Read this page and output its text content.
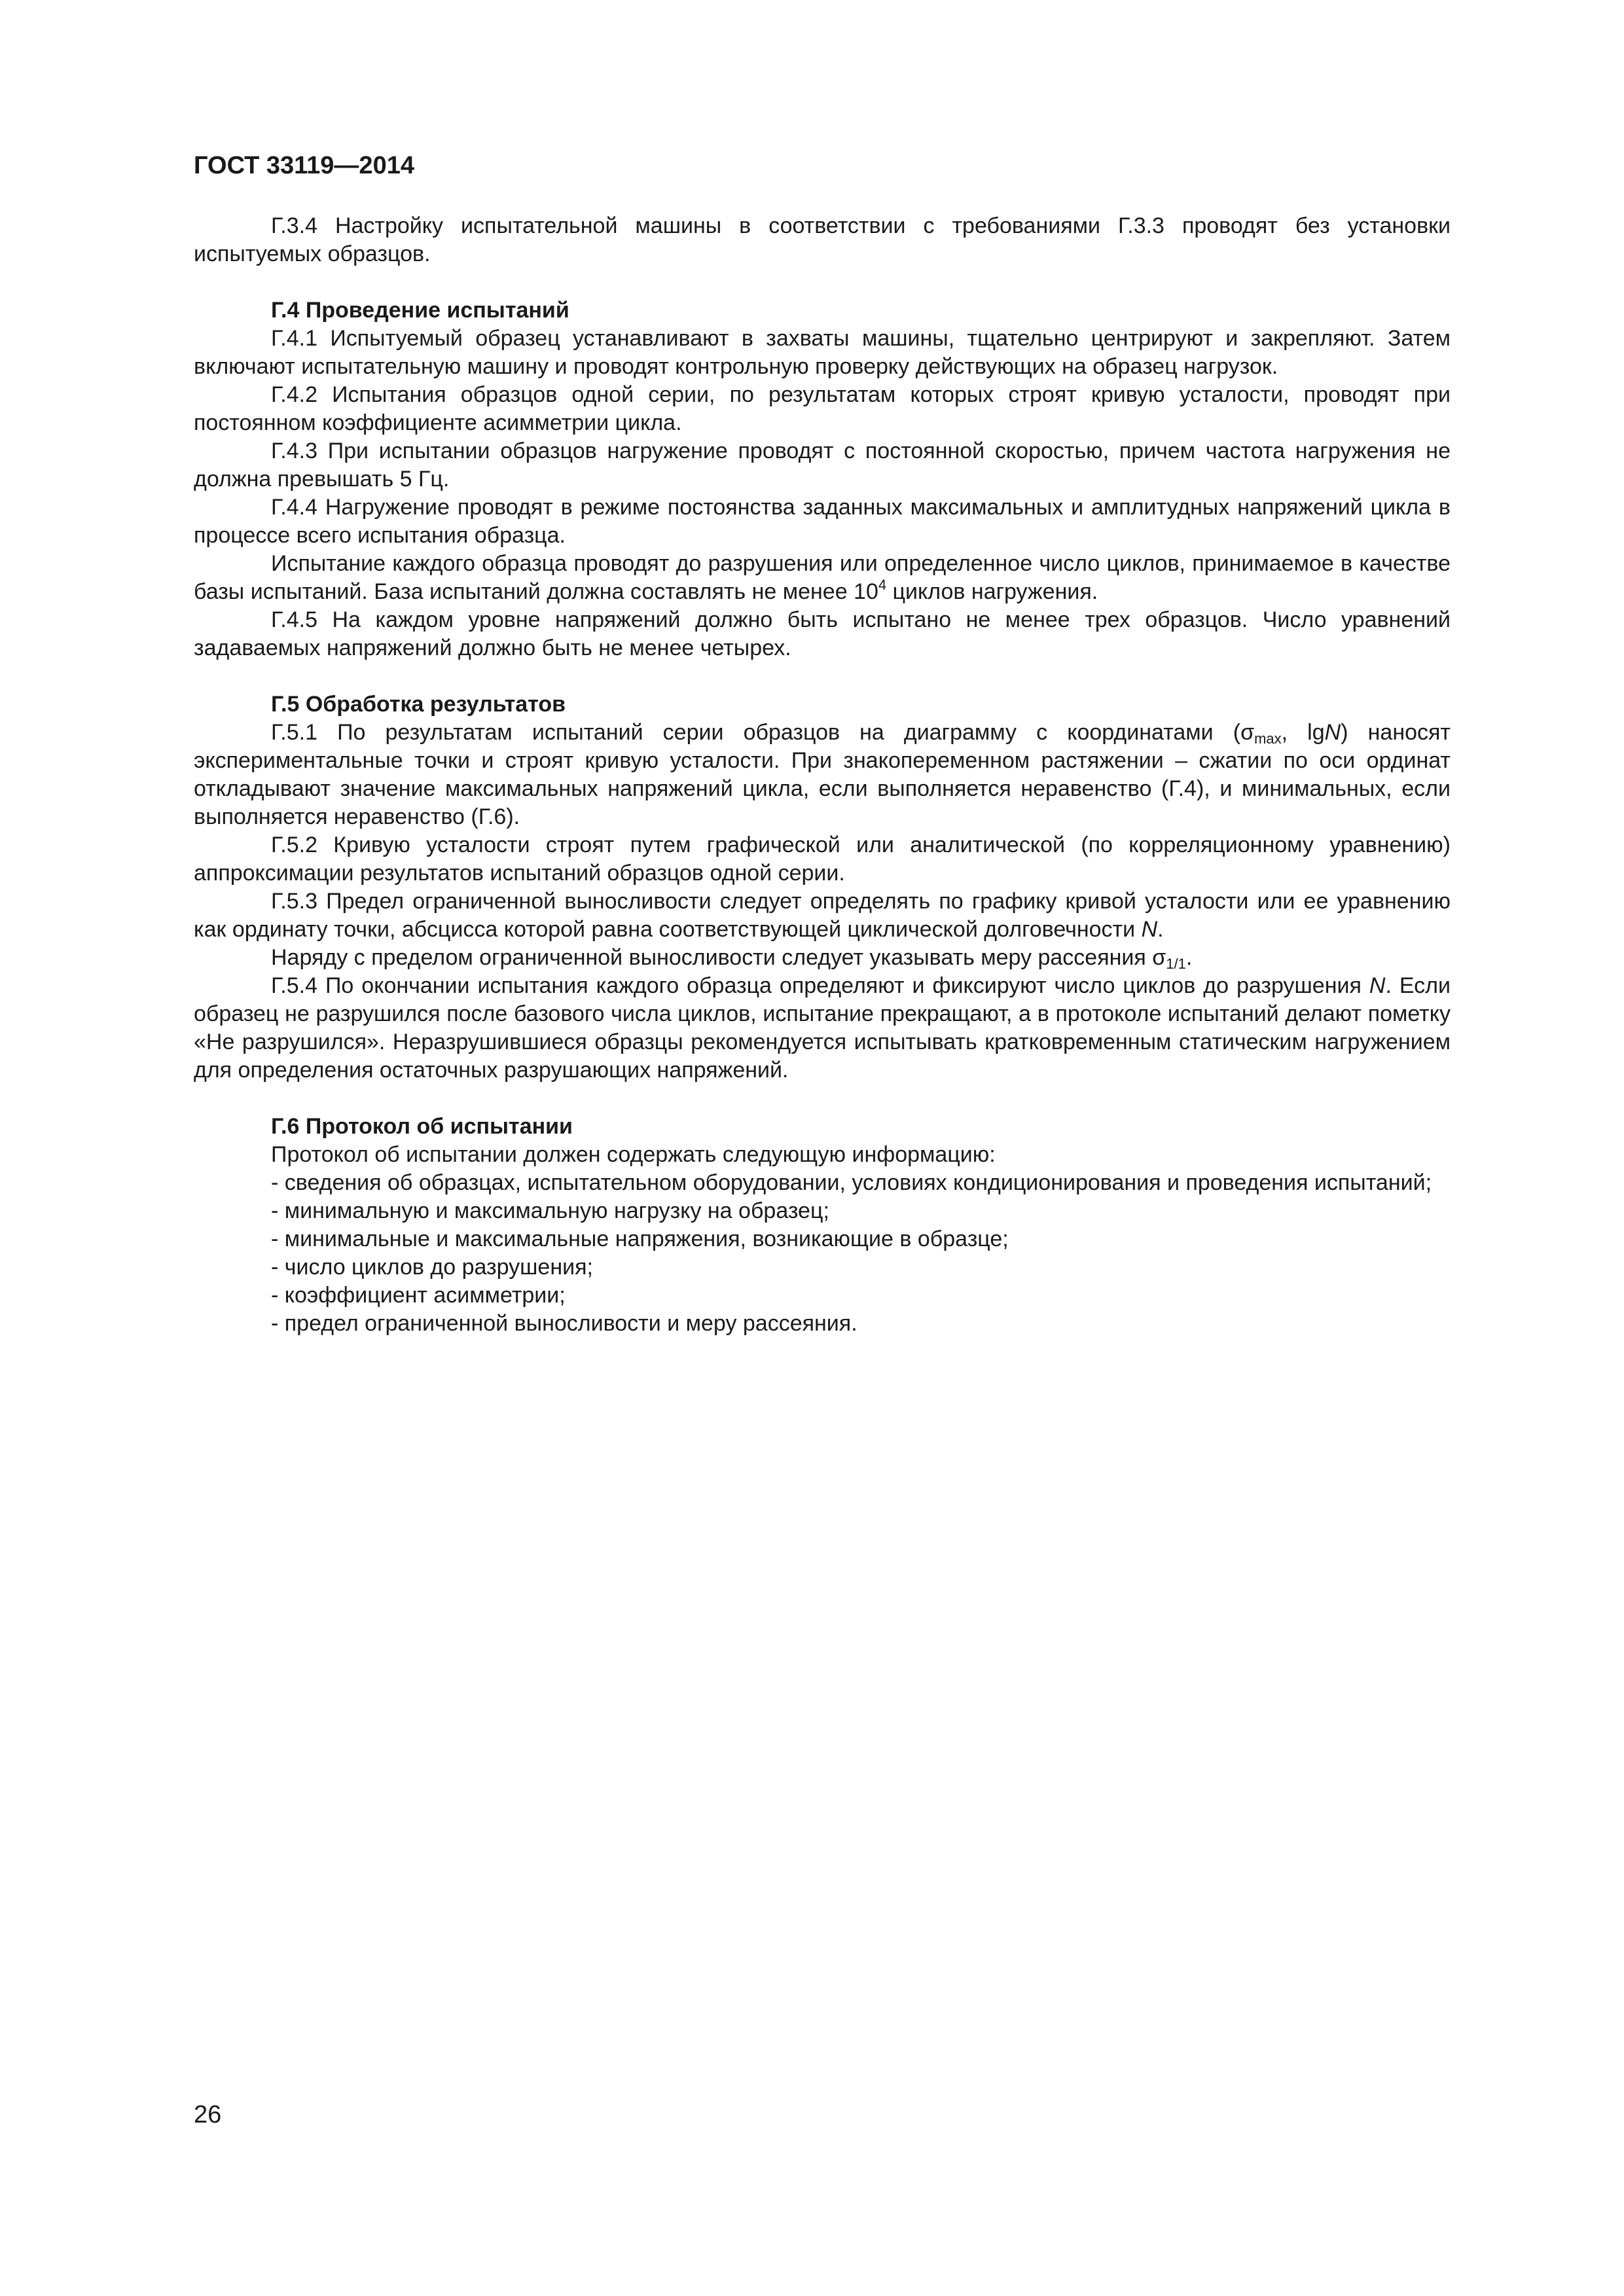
ГОСТ 33119—2014

Г.3.4 Настройку испытательной машины в соответствии с требованиями Г.3.3 проводят без установки испытуемых образцов.

Г.4 Проведение испытаний

Г.4.1 Испытуемый образец устанавливают в захваты машины, тщательно центрируют и закрепляют. Затем включают испытательную машину и проводят контрольную проверку действующих на образец нагрузок.

Г.4.2 Испытания образцов одной серии, по результатам которых строят кривую усталости, проводят при постоянном коэффициенте асимметрии цикла.

Г.4.3 При испытании образцов нагружение проводят с постоянной скоростью, причем частота нагружения не должна превышать 5 Гц.

Г.4.4 Нагружение проводят в режиме постоянства заданных максимальных и амплитудных напряжений цикла в процессе всего испытания образца.

Испытание каждого образца проводят до разрушения или определенное число циклов, принимаемое в качестве базы испытаний. База испытаний должна составлять не менее $10^4$ циклов нагружения.

Г.4.5 На каждом уровне напряжений должно быть испытано не менее трех образцов. Число уравнений задаваемых напряжений должно быть не менее четырех.

Г.5 Обработка результатов

Г.5.1 По результатам испытаний серии образцов на диаграмму с координатами ($\sigma_{max}$, lgN) наносят экспериментальные точки и строят кривую усталости. При знакопеременном растяжении – сжатии по оси ординат откладывают значение максимальных напряжений цикла, если выполняется неравенство (Г.4), и минимальных, если выполняется неравенство (Г.6).

Г.5.2 Кривую усталости строят путем графической или аналитической (по корреляционному уравнению) аппроксимации результатов испытаний образцов одной серии.

Г.5.3 Предел ограниченной выносливости следует определять по графику кривой усталости или ее уравнению как ординату точки, абсцисса которой равна соответствующей циклической долговечности N.

Наряду с пределом ограниченной выносливости следует указывать меру рассеяния $\sigma_{1/1}$.

Г.5.4 По окончании испытания каждого образца определяют и фиксируют число циклов до разрушения N. Если образец не разрушился после базового числа циклов, испытание прекращают, а в протоколе испытаний делают пометку «Не разрушился». Неразрушившиеся образцы рекомендуется испытывать кратковременным статическим нагружением для определения остаточных разрушающих напряжений.

Г.6 Протокол об испытании

Протокол об испытании должен содержать следующую информацию:

- сведения об образцах, испытательном оборудовании, условиях кондиционирования и проведения испытаний;

- минимальную и максимальную нагрузку на образец;

- минимальные и максимальные напряжения, возникающие в образце;

- число циклов до разрушения;

- коэффициент асимметрии;

- предел ограниченной выносливости и меру рассеяния.

26
